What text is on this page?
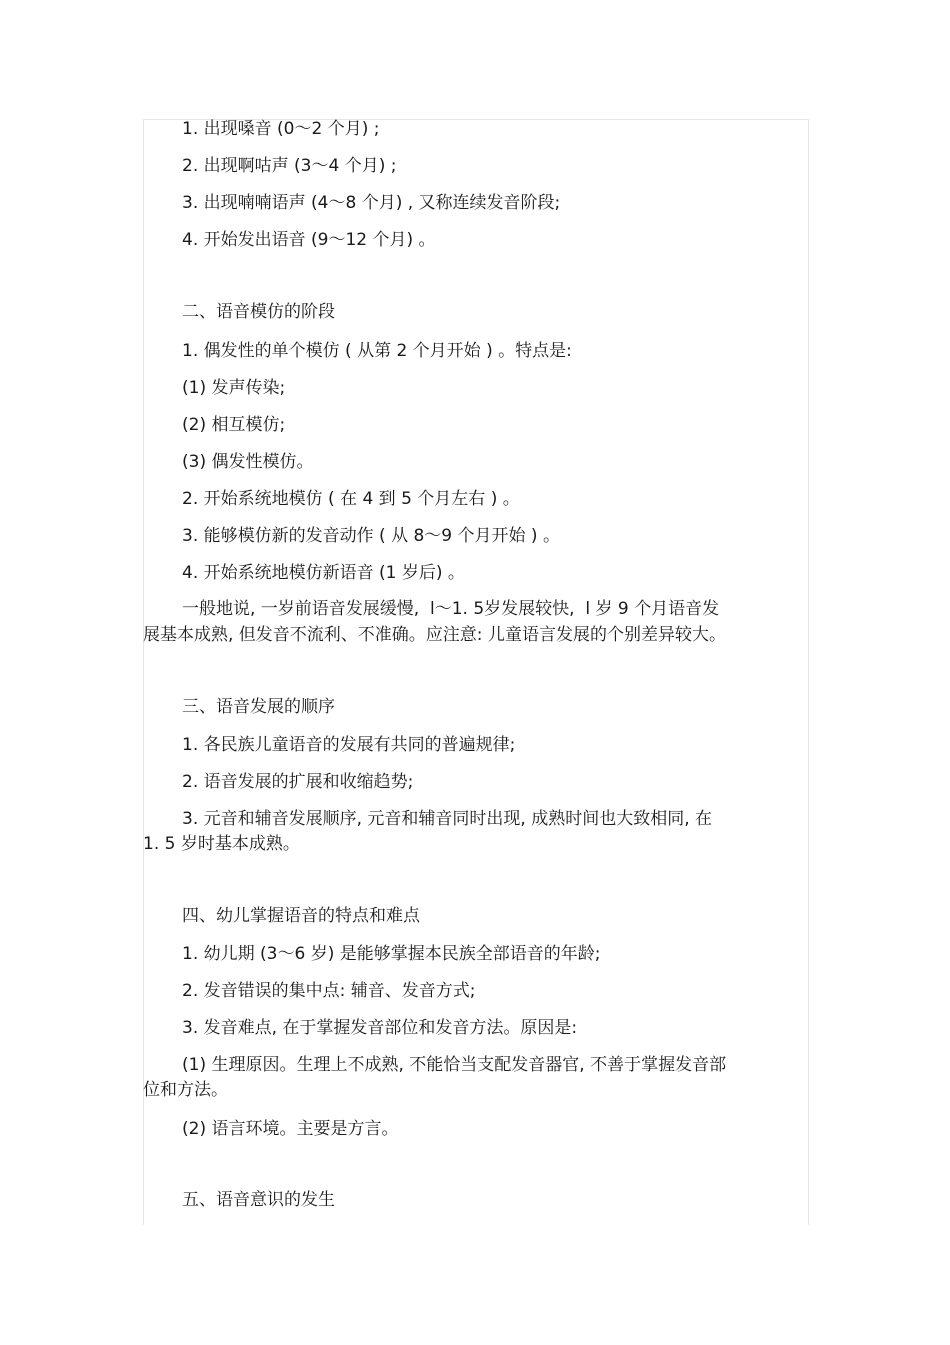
1. 出现嗓音 (0～2 个月) ;

2. 出现啊咕声 (3～4 个月) ;

3. 出现喃喃语声 (4～8 个月) , 又称连续发音阶段;

4. 开始发出语音 (9～12 个月) 。

二、语音模仿的阶段

1. 偶发性的单个模仿 ( 从第 2 个月开始 ) 。特点是:

(1) 发声传染;

(2) 相互模仿;

(3) 偶发性模仿。

2. 开始系统地模仿 ( 在 4 到 5 个月左右 ) 。

3. 能够模仿新的发音动作 ( 从 8～9 个月开始 ) 。

4. 开始系统地模仿新语音 (1 岁后) 。

一般地说, 一岁前语音发展缓慢,  l～1. 5岁发展较快,  l 岁 9 个月语音发

展基本成熟, 但发音不流利、不准确。应注意: 儿童语言发展的个别差异较大。

三、语音发展的顺序

1. 各民族儿童语音的发展有共同的普遍规律;

2. 语音发展的扩展和收缩趋势;

3. 元音和辅音发展顺序, 元音和辅音同时出现, 成熟时间也大致相同, 在

1. 5 岁时基本成熟。

四、幼儿掌握语音的特点和难点

1. 幼儿期 (3～6 岁) 是能够掌握本民族全部语音的年龄;

2. 发音错误的集中点: 辅音、发音方式;

3. 发音难点, 在于掌握发音部位和发音方法。原因是:

(1) 生理原因。生理上不成熟, 不能恰当支配发音器官, 不善于掌握发音部

位和方法。

(2) 语言环境。主要是方言。

五、语音意识的发生
